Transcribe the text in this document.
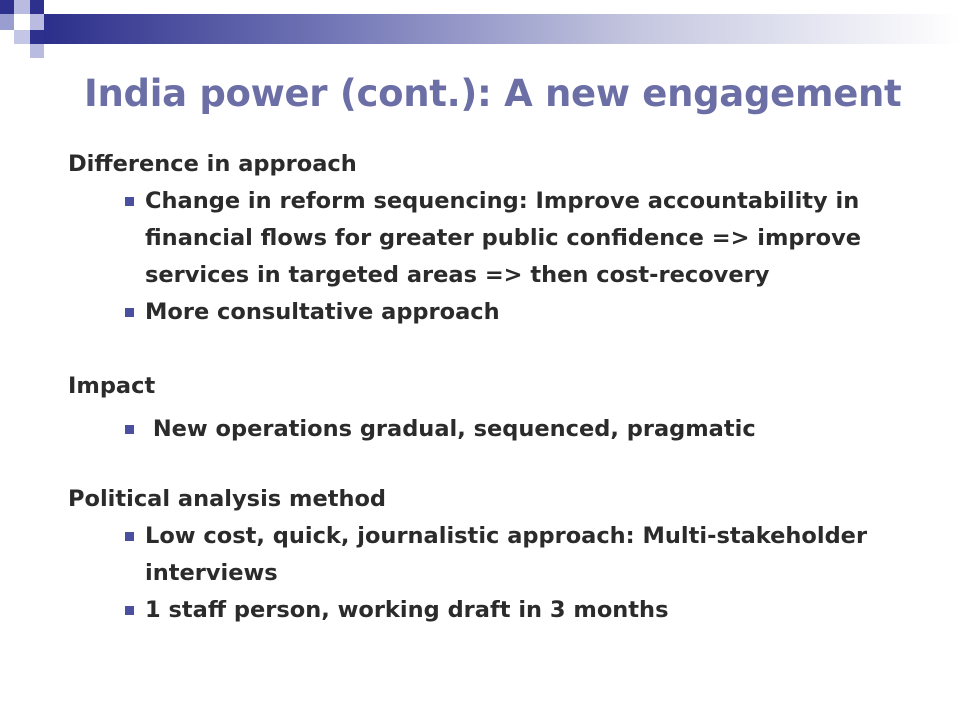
India power (cont.): A new engagement
Difference in approach
Change in reform sequencing: Improve accountability in financial flows for greater public confidence => improve services in targeted areas => then cost-recovery
More consultative approach
Impact
New operations gradual, sequenced, pragmatic
Political analysis method
Low cost, quick, journalistic approach: Multi-stakeholder interviews
1 staff person, working draft in 3 months
